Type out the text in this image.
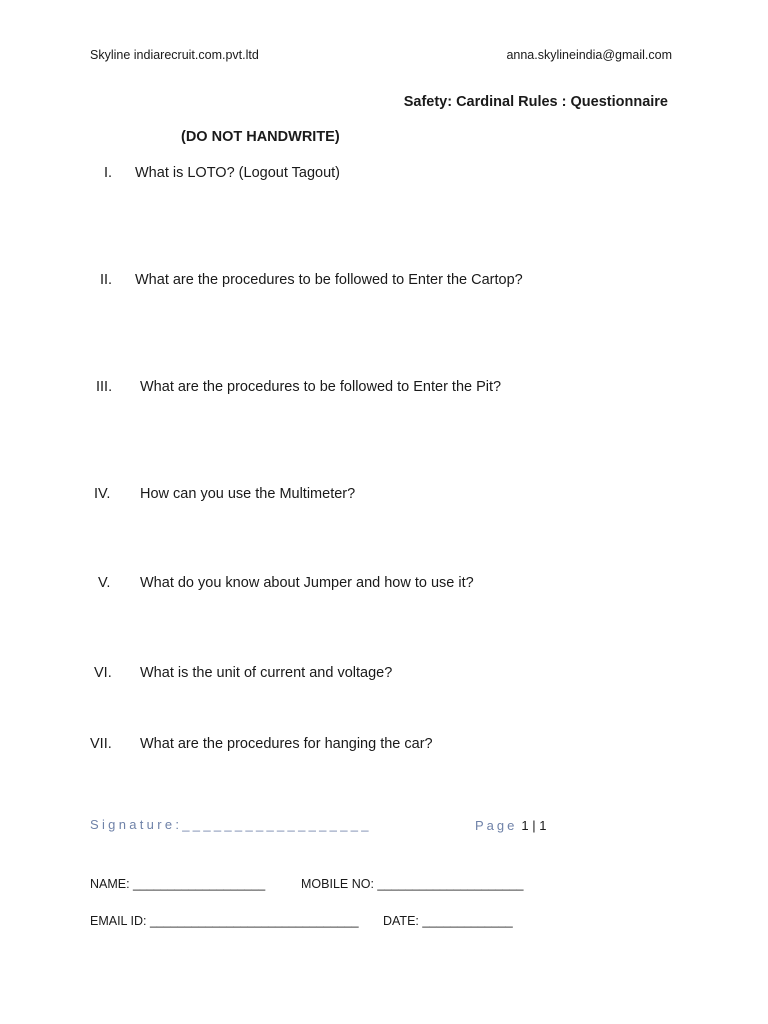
Skyline indiarecruit.com.pvt.ltd	anna.skylineindia@gmail.com
Safety: Cardinal Rules : Questionnaire
(DO NOT HANDWRITE)
I. What is LOTO? (Logout Tagout)
II. What are the procedures to be followed to Enter the Cartop?
III. What are the procedures to be followed to Enter the Pit?
IV. How can you use the Multimeter?
V. What do you know about Jumper and how to use it?
VI. What is the unit of current and voltage?
VII. What are the procedures for hanging the car?
Signature:__________________	Page 1 | 1
NAME: ___________________	MOBILE NO: _____________________
EMAIL ID: ______________________________ DATE: _____________
